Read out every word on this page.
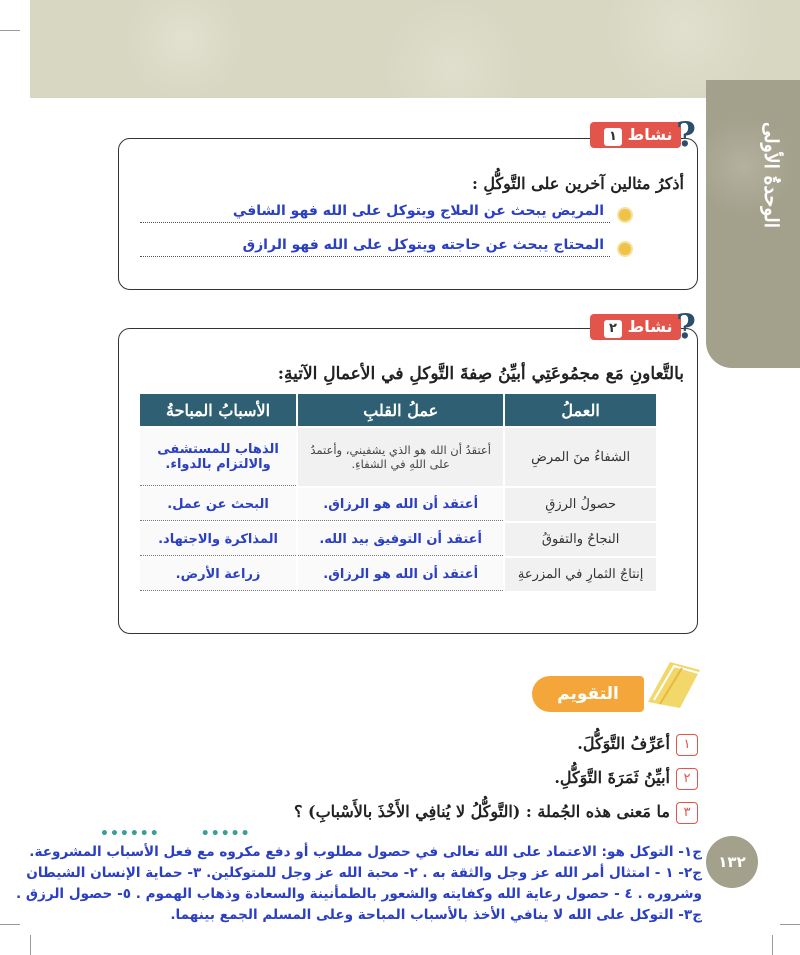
الوحدةُ الأولى
نشاط ١	?
أذكرُ مثالين آخرين على التَّوكُّلِ :
المريض يبحث عن العلاج ويتوكل على الله فهو الشافي
المحتاج يبحث عن حاجته ويتوكل على الله فهو الرازق
نشاط ٢	?
بالتَّعاونِ مَع مجمُوعَتِي أبيِّنُ صِفةَ التَّوكلِ في الأعمالِ الآتيةِ:
العملُ	عملُ القلبِ	الأسبابُ المباحةُ
الشفاءُ منَ المرضِ	أعتقدُ أن الله هو الذي يشفيني، وأعتمدُ على اللهِ في الشفاءِ.	الذهاب للمستشفى والالتزام بالدواء.
حصولُ الرزقِ	أعتقد أن الله هو الرزاق.	البحث عن عمل.
النجاحُ والتفوقُ	أعتقد أن التوفيق بيد الله.	المذاكرة والاجتهاد.
إنتاجُ الثمارِ في المزرعةِ	أعتقد أن الله هو الرزاق.	زراعة الأرض.
التقويم
١
أعَرِّفُ التَّوَكُّلَ.
٢
أبيِّنُ ثَمَرَةَ التَّوَكُّلِ.
٣
ما مَعنى هذه الجُملة : (التَّوكُّلُ لا يُنافِي الأَخْذَ بالأَسْبابِ) ؟
•••••       ••••••
١٣٢
ج١- التوكل هو: الاعتماد على الله تعالى في حصول مطلوب أو دفع مكروه مع فعل الأسباب المشروعة.
ج٢- ١ - امتثال أمر الله عز وجل والثقة به . ٢- محبة الله عز وجل للمتوكلين. ٣- حماية الإنسان الشيطان
وشروره . ٤ - حصول رعاية الله وكفايته والشعور بالطمأنينة والسعادة وذهاب الهموم . ٥- حصول الرزق .
ج٣- التوكل على الله لا ينافي الأخذ بالأسباب المباحة وعلى المسلم الجمع بينهما.
